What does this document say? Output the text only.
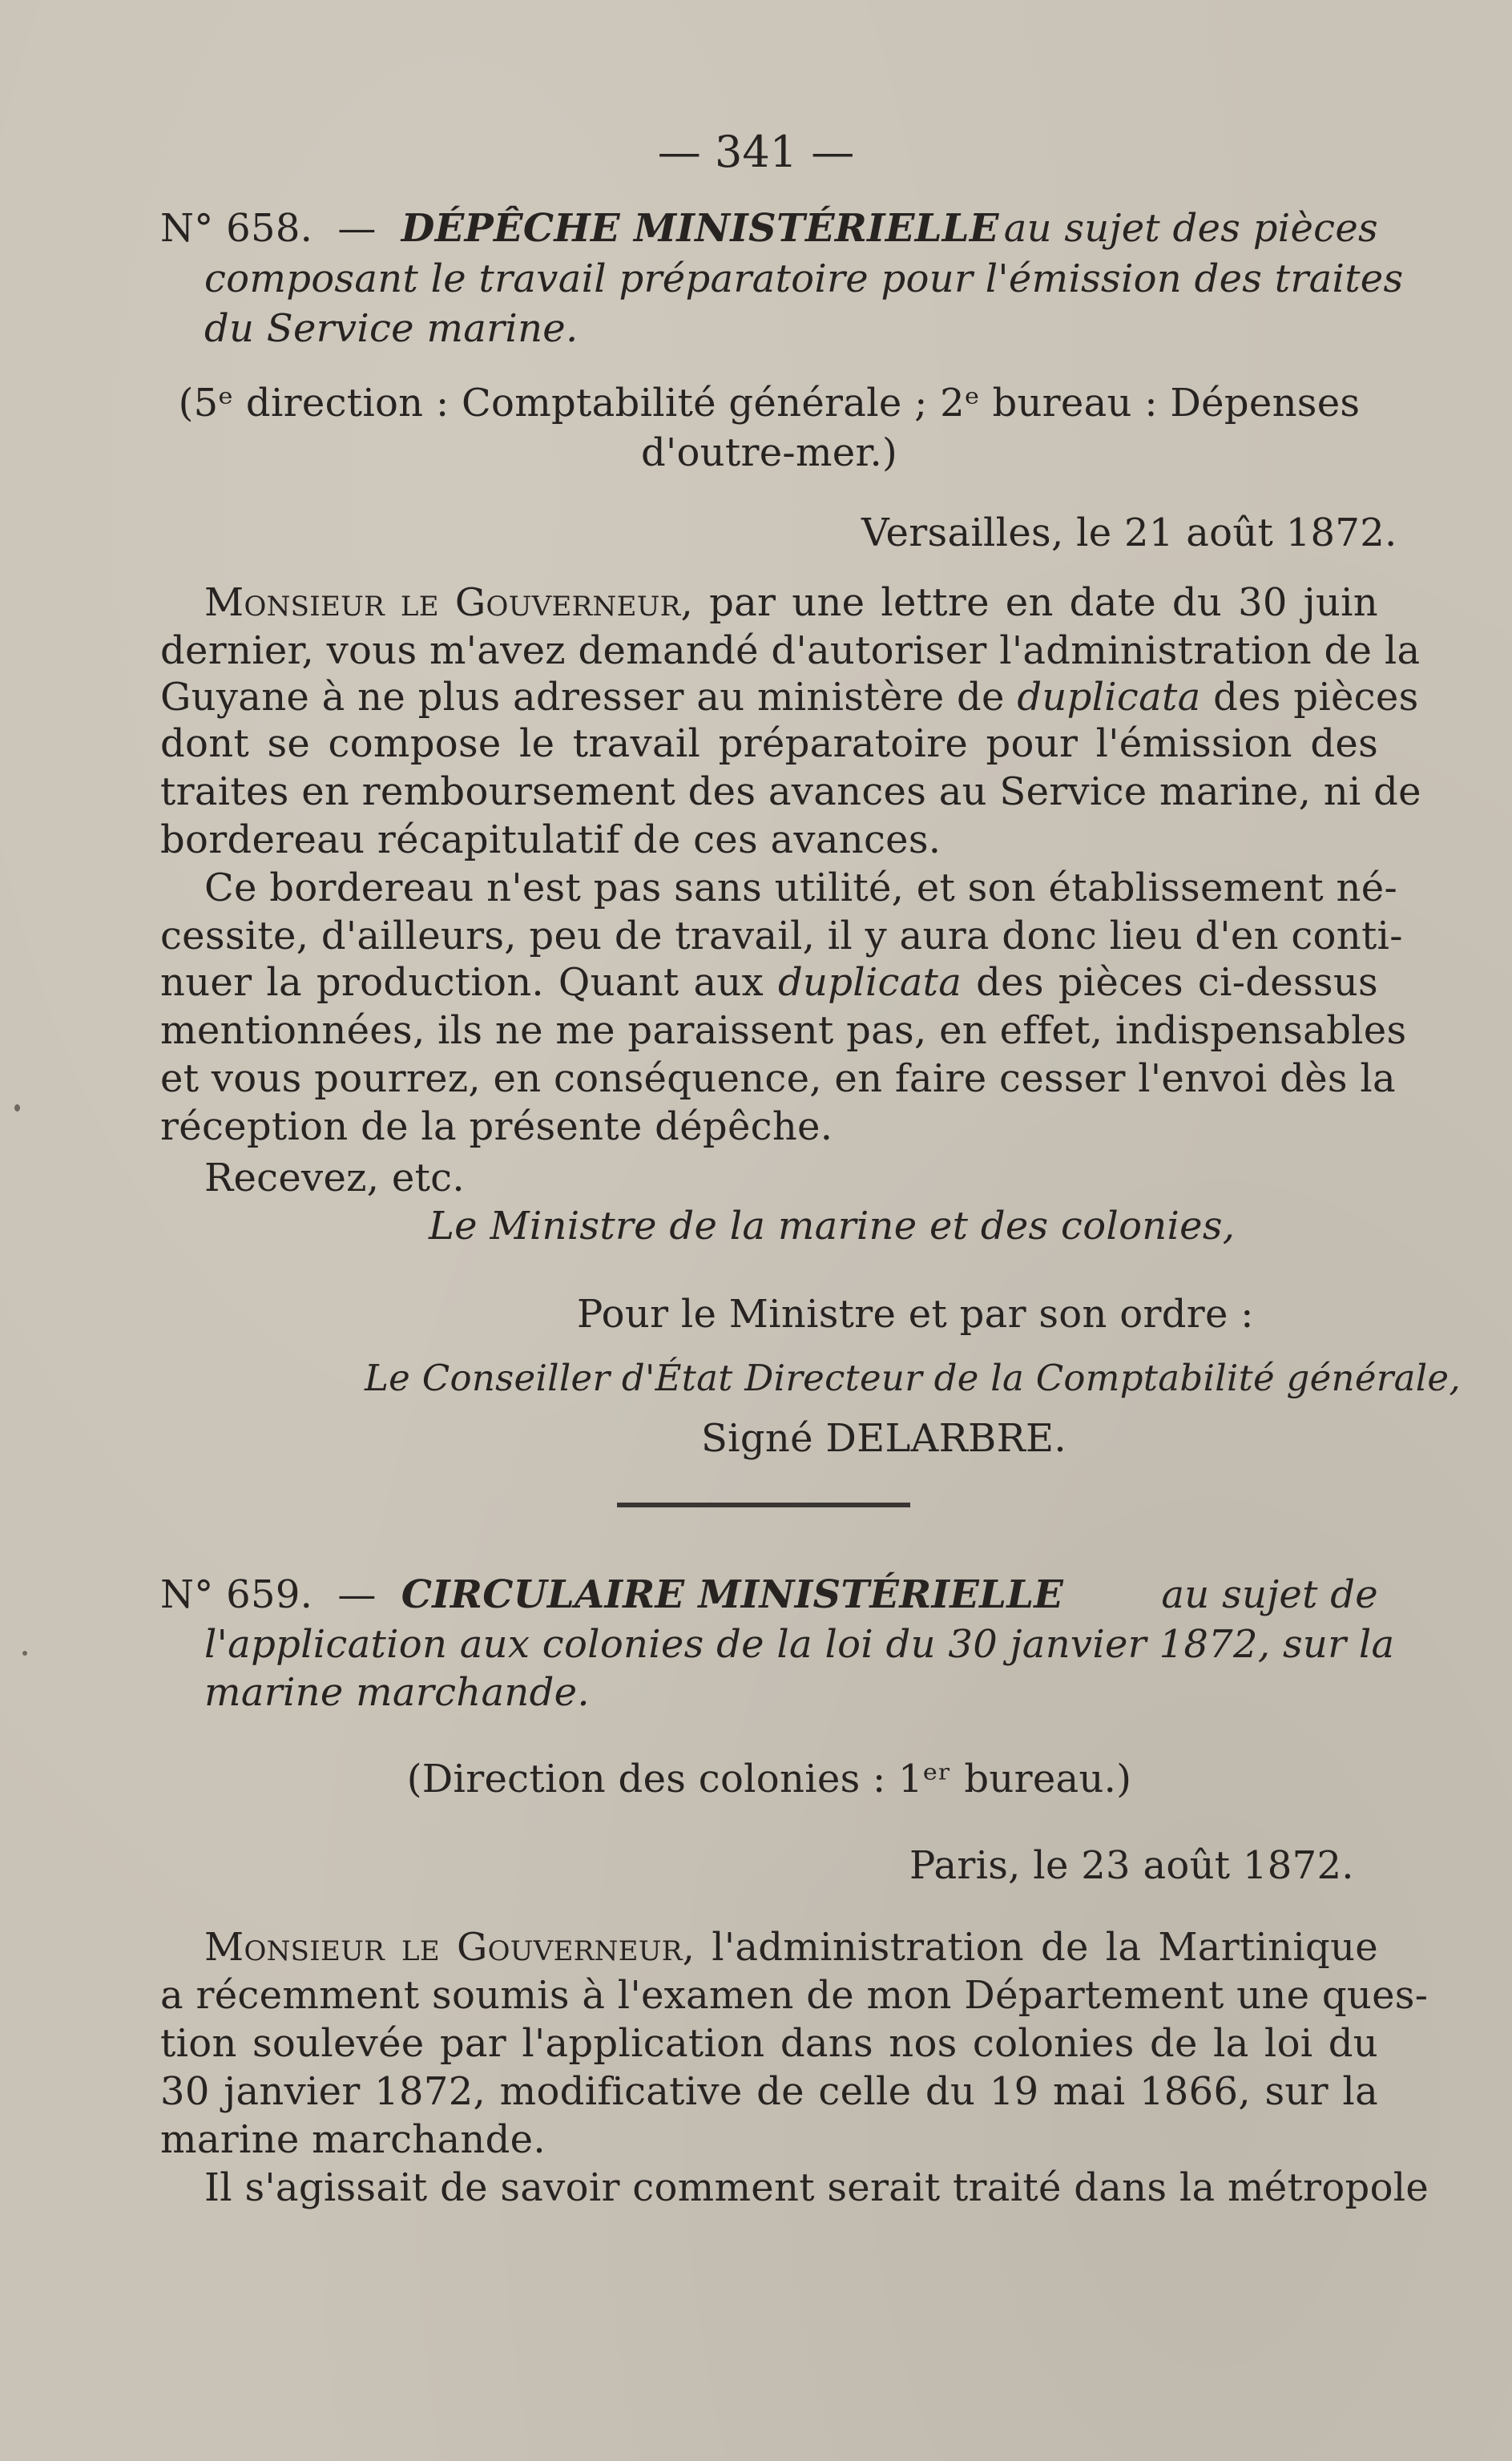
— 341 —
N° 658. — DÉPÊCHE MINISTÉRIELLE au sujet des pièces
composant le travail préparatoire pour l'émission des traites
du Service marine.
(5ᵉ direction : Comptabilité générale ; 2ᵉ bureau : Dépenses
d'outre-mer.)
Versailles, le 21 août 1872.
Monsieur le Gouverneur, par une lettre en date du 30 juin
dernier, vous m'avez demandé d'autoriser l'administration de la
Guyane à ne plus adresser au ministère de duplicata des pièces
dont se compose le travail préparatoire pour l'émission des
traites en remboursement des avances au Service marine, ni de
bordereau récapitulatif de ces avances.
Ce bordereau n'est pas sans utilité, et son établissement né-
cessite, d'ailleurs, peu de travail, il y aura donc lieu d'en conti-
nuer la production. Quant aux duplicata des pièces ci-dessus
mentionnées, ils ne me paraissent pas, en effet, indispensables
et vous pourrez, en conséquence, en faire cesser l'envoi dès la
réception de la présente dépêche.
Recevez, etc.
Le Ministre de la marine et des colonies,
Pour le Ministre et par son ordre :
Le Conseiller d'État Directeur de la Comptabilité générale,
Signé DELARBRE.
N° 659. — CIRCULAIRE MINISTÉRIELLE	au sujet de
l'application aux colonies de la loi du 30 janvier 1872, sur la
marine marchande.
(Direction des colonies : 1ᵉʳ bureau.)
Paris, le 23 août 1872.
Monsieur le Gouverneur, l'administration de la Martinique
a récemment soumis à l'examen de mon Département une ques-
tion soulevée par l'application dans nos colonies de la loi du
30 janvier 1872, modificative de celle du 19 mai 1866, sur la
marine marchande.
Il s'agissait de savoir comment serait traité dans la métropole
